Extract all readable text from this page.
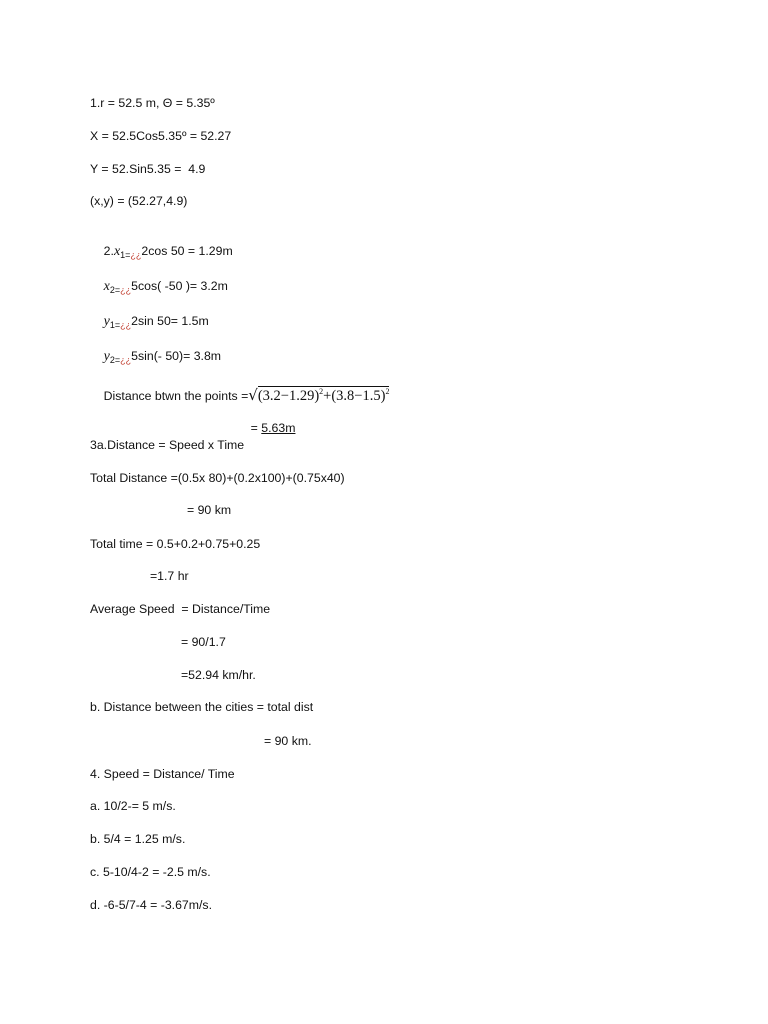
1.r = 52.5 m, Θ = 5.35º
X = 52.5Cos5.35º = 52.27
Y = 52.Sin5.35 =  4.9
(x,y) = (52.27,4.9)

$2.x_{1=¿¿}2\cos$ 50 = 1.29m

$x_{2=¿¿}5\cos$( -50 )= 3.2m

$y_{1=¿¿}2\sin$ 50= 1.5m

$y_{2=¿¿}5\sin(-$ 50)= 3.8m

Distance btwn the points $=√(3.2-1.29)^2+(3.8-1.5)^2$

= 5.63m

3a.Distance = Speed x Time
Total Distance =(0.5x 80)+(0.2x100)+(0.75x40)
= 90 km
Total time = 0.5+0.2+0.75+0.25
=1.7 hr
Average Speed  = Distance/Time
= 90/1.7
=52.94 km/hr.
b. Distance between the cities = total dist
= 90 km.
4. Speed = Distance/ Time
a. 10/2-= 5 m/s.
b. 5/4 = 1.25 m/s.
c. 5-10/4-2 = -2.5 m/s.
d. -6-5/7-4 = -3.67m/s.
